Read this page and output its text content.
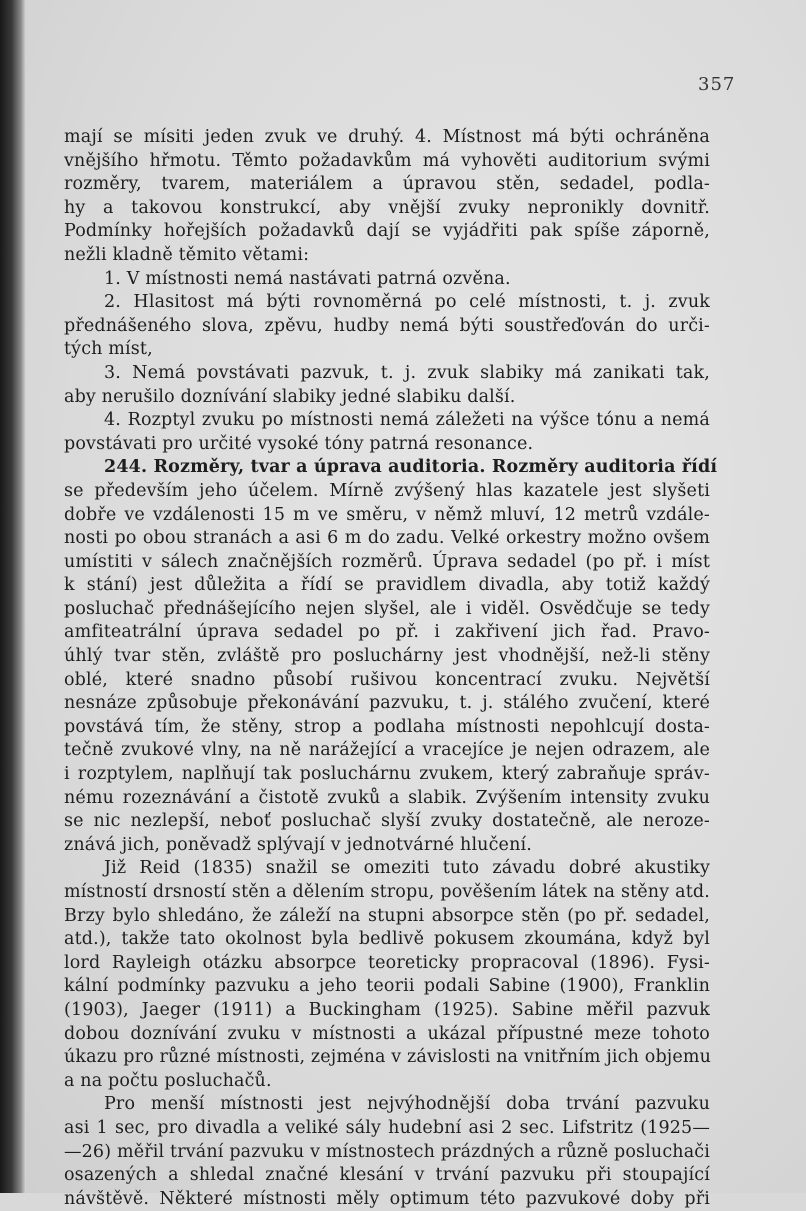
357
mají se mísiti jeden zvuk ve druhý. 4. Místnost má býti ochráněna
vnějšího hřmotu. Těmto požadavkům má vyhověti auditorium svými
rozměry, tvarem, materiálem a úpravou stěn, sedadel, podla-
hy a takovou konstrukcí, aby vnější zvuky nepronikly dovnitř.
Podmínky hořejších požadavků dají se vyjádřiti pak spíše záporně,
nežli kladně těmito větami:
1. V místnosti nemá nastávati patrná ozvěna.
2. Hlasitost má býti rovnoměrná po celé místnosti, t. j. zvuk
přednášeného slova, zpěvu, hudby nemá býti soustřeďován do urči-
tých míst,
3. Nemá povstávati pazvuk, t. j. zvuk slabiky má zanikati tak,
aby nerušilo doznívání slabiky jedné slabiku další.
4. Rozptyl zvuku po místnosti nemá záležeti na výšce tónu a nemá
povstávati pro určité vysoké tóny patrná resonance.
244. Rozměry, tvar a úprava auditoria. Rozměry auditoria řídí
se především jeho účelem. Mírně zvýšený hlas kazatele jest slyšeti
dobře ve vzdálenosti 15 m ve směru, v němž mluví, 12 metrů vzdále-
nosti po obou stranách a asi 6 m do zadu. Velké orkestry možno ovšem
umístiti v sálech značnějších rozměrů. Úprava sedadel (po př. i míst
k stání) jest důležita a řídí se pravidlem divadla, aby totiž každý
posluchač přednášejícího nejen slyšel, ale i viděl. Osvědčuje se tedy
amfiteatrální úprava sedadel po př. i zakřivení jich řad. Pravo-
úhlý tvar stěn, zvláště pro posluchárny jest vhodnější, než-li stěny
oblé, které snadno působí rušivou koncentrací zvuku. Největší
nesnáze způsobuje překonávání pazvuku, t. j. stálého zvučení, které
povstává tím, že stěny, strop a podlaha místnosti nepohlcují dosta-
tečně zvukové vlny, na ně narážející a vracejíce je nejen odrazem, ale
i rozptylem, naplňují tak posluchárnu zvukem, který zabraňuje správ-
nému rozeznávání a čistotě zvuků a slabik. Zvýšením intensity zvuku
se nic nezlepší, neboť posluchač slyší zvuky dostatečně, ale neroze-
znává jich, poněvadž splývají v jednotvárné hlučení.
Již Reid (1835) snažil se omeziti tuto závadu dobré akustiky
místností drsností stěn a dělením stropu, pověšením látek na stěny atd.
Brzy bylo shledáno, že záleží na stupni absorpce stěn (po př. sedadel,
atd.), takže tato okolnost byla bedlivě pokusem zkoumána, když byl
lord Rayleigh otázku absorpce teoreticky propracoval (1896). Fysi-
kální podmínky pazvuku a jeho teorii podali Sabine (1900), Franklin
(1903), Jaeger (1911) a Buckingham (1925). Sabine měřil pazvuk
dobou doznívání zvuku v místnosti a ukázal přípustné meze tohoto
úkazu pro různé místnosti, zejména v závislosti na vnitřním jich objemu
a na počtu posluchačů.
Pro menší místnosti jest nejvýhodnější doba trvání pazvuku
asi 1 sec, pro divadla a veliké sály hudební asi 2 sec. Lifstritz (1925—
—26) měřil trvání pazvuku v místnostech prázdných a různě posluchači
osazených a shledal značné klesání v trvání pazvuku při stoupající
návštěvě. Některé místnosti měly optimum této pazvukové doby při
